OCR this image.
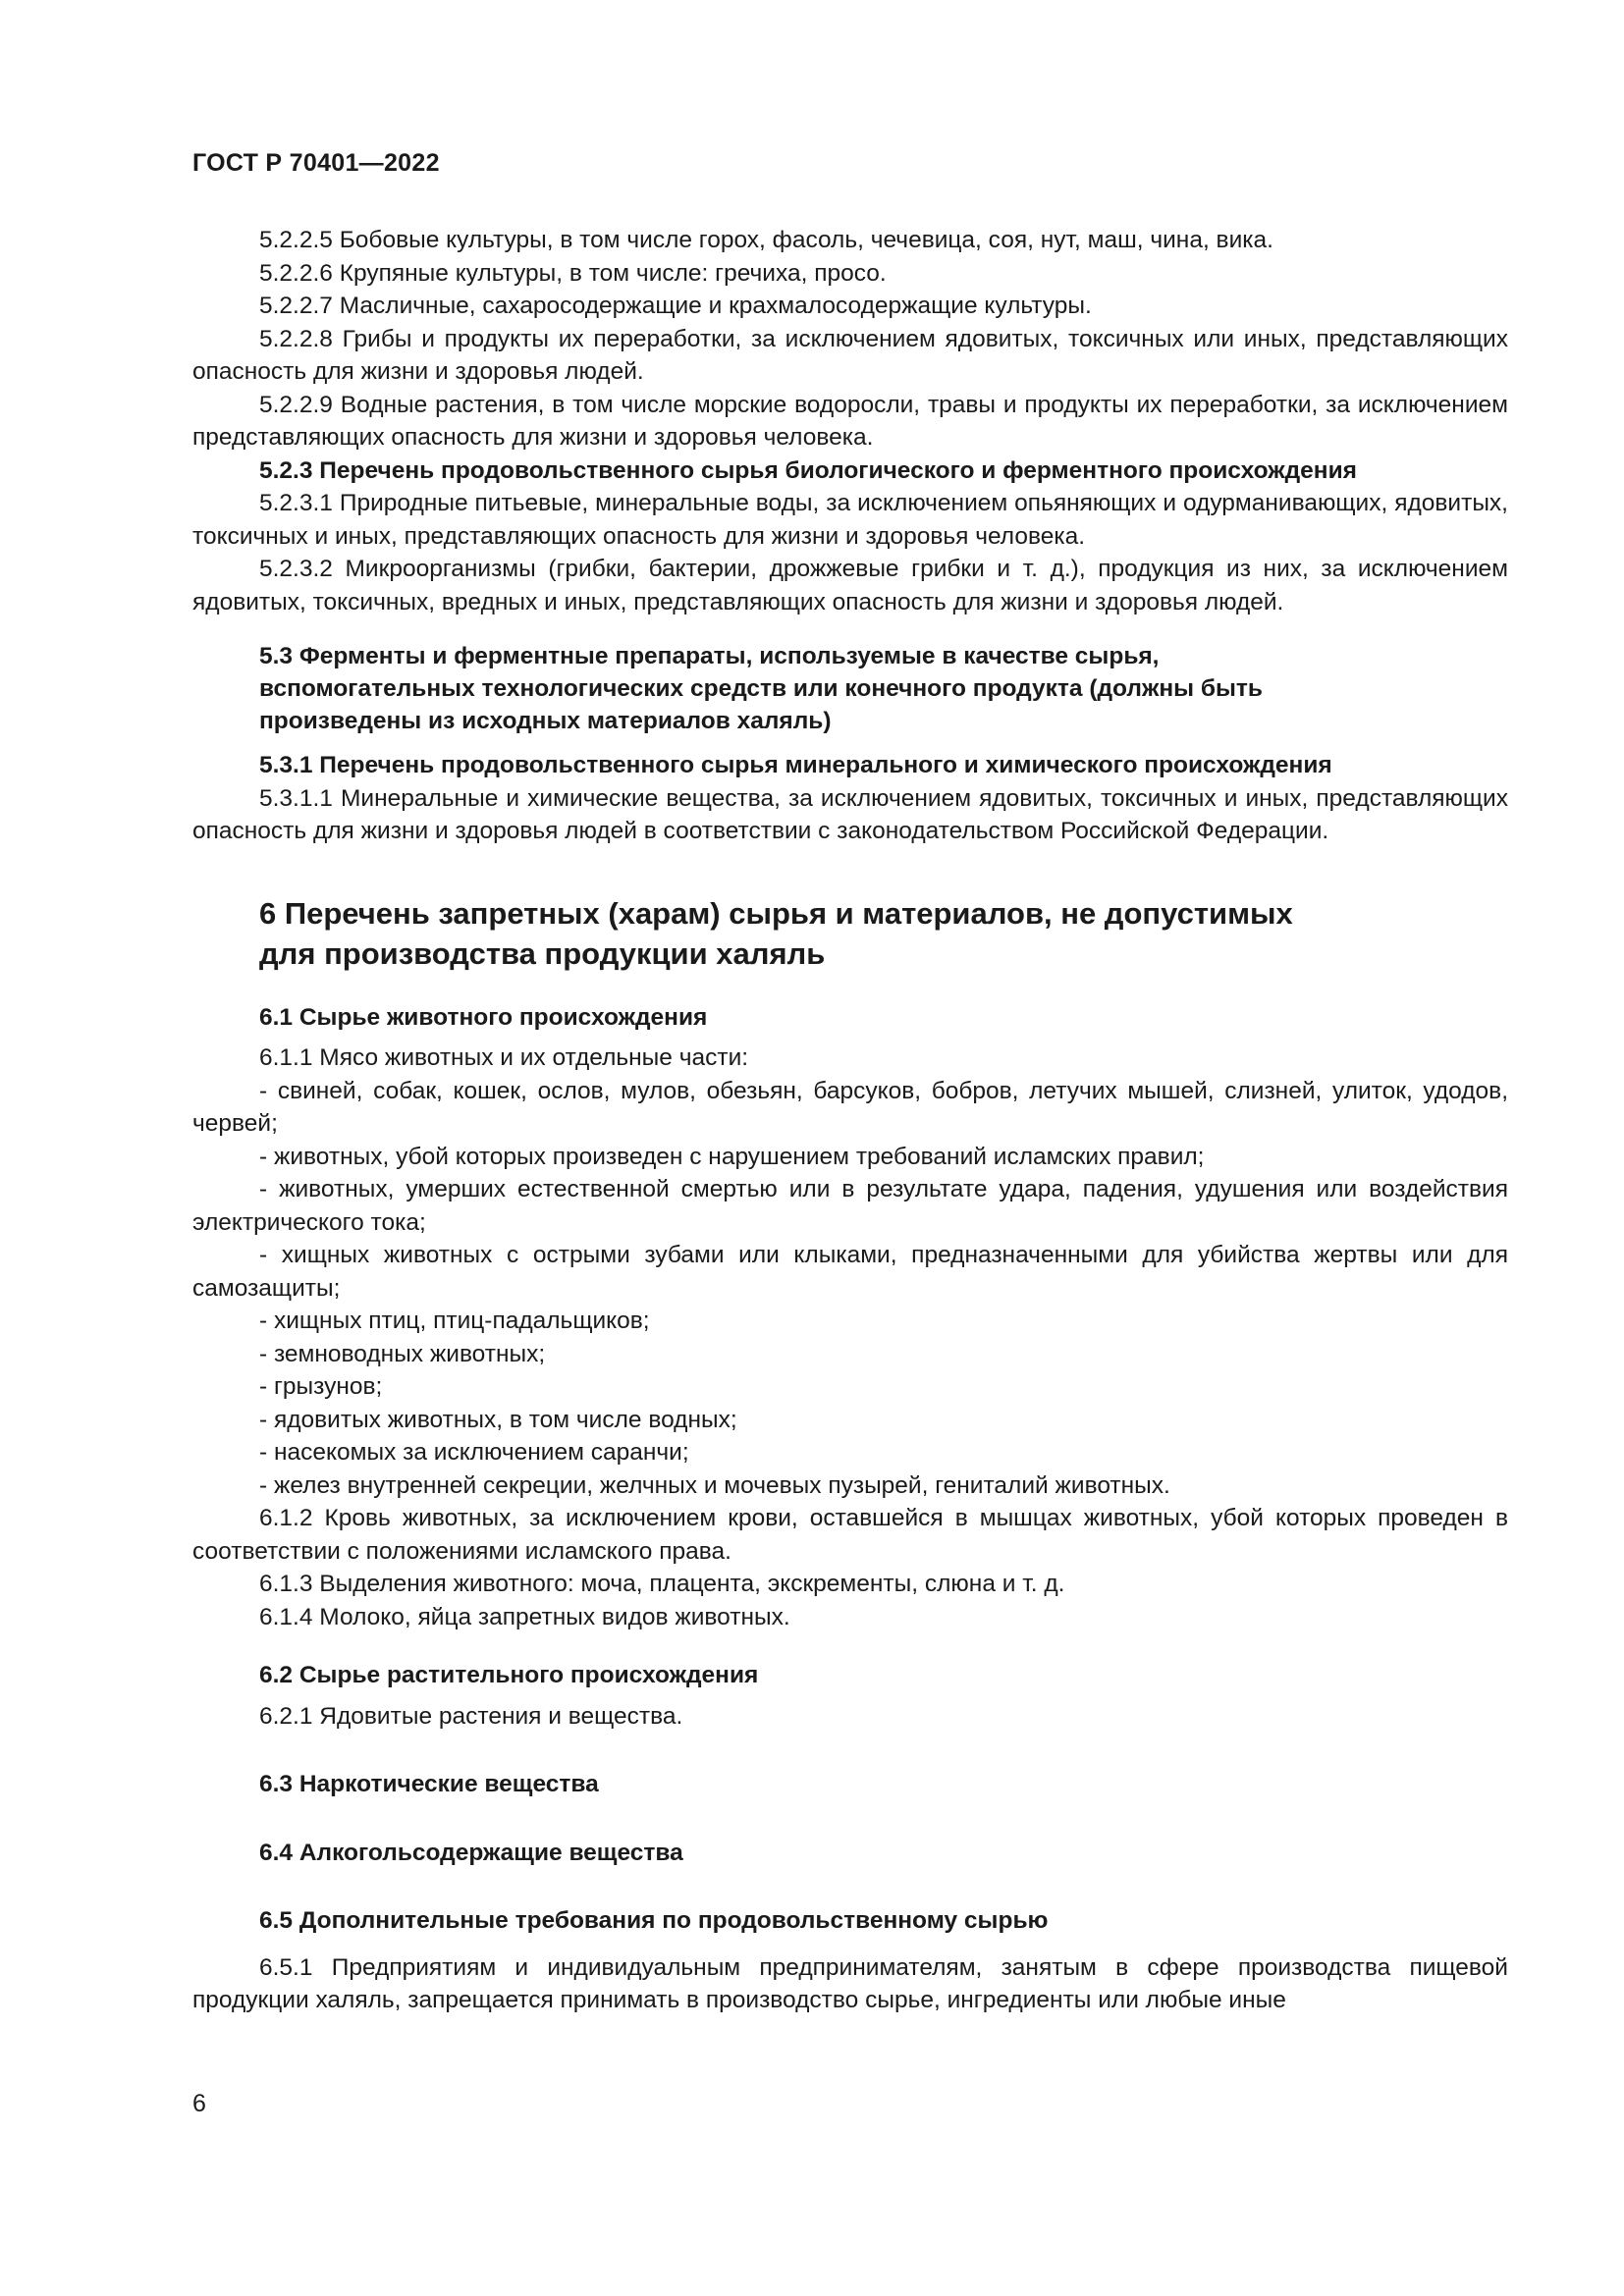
ГОСТ Р 70401—2022
5.2.2.5 Бобовые культуры, в том числе горох, фасоль, чечевица, соя, нут, маш, чина, вика.
5.2.2.6 Крупяные культуры, в том числе: гречиха, просо.
5.2.2.7 Масличные, сахаросодержащие и крахмалосодержащие культуры.
5.2.2.8 Грибы и продукты их переработки, за исключением ядовитых, токсичных или иных, представляющих опасность для жизни и здоровья людей.
5.2.2.9 Водные растения, в том числе морские водоросли, травы и продукты их переработки, за исключением представляющих опасность для жизни и здоровья человека.
5.2.3 Перечень продовольственного сырья биологического и ферментного происхождения
5.2.3.1 Природные питьевые, минеральные воды, за исключением опьяняющих и одурманивающих, ядовитых, токсичных и иных, представляющих опасность для жизни и здоровья человека.
5.2.3.2 Микроорганизмы (грибки, бактерии, дрожжевые грибки и т. д.), продукция из них, за исключением ядовитых, токсичных, вредных и иных, представляющих опасность для жизни и здоровья людей.
5.3 Ферменты и ферментные препараты, используемые в качестве сырья,
вспомогательных технологических средств или конечного продукта (должны быть
произведены из исходных материалов халяль)
5.3.1 Перечень продовольственного сырья минерального и химического происхождения
5.3.1.1 Минеральные и химические вещества, за исключением ядовитых, токсичных и иных, представляющих опасность для жизни и здоровья людей в соответствии с законодательством Российской Федерации.
6 Перечень запретных (харам) сырья и материалов, не допустимых
для производства продукции халяль
6.1 Сырье животного происхождения
6.1.1 Мясо животных и их отдельные части:
- свиней, собак, кошек, ослов, мулов, обезьян, барсуков, бобров, летучих мышей, слизней, улиток, удодов, червей;
- животных, убой которых произведен с нарушением требований исламских правил;
- животных, умерших естественной смертью или в результате удара, падения, удушения или воздействия электрического тока;
- хищных животных с острыми зубами или клыками, предназначенными для убийства жертвы или для самозащиты;
- хищных птиц, птиц-падальщиков;
- земноводных животных;
- грызунов;
- ядовитых животных, в том числе водных;
- насекомых за исключением саранчи;
- желез внутренней секреции, желчных и мочевых пузырей, гениталий животных.
6.1.2 Кровь животных, за исключением крови, оставшейся в мышцах животных, убой которых проведен в соответствии с положениями исламского права.
6.1.3 Выделения животного: моча, плацента, экскременты, слюна и т. д.
6.1.4 Молоко, яйца запретных видов животных.
6.2 Сырье растительного происхождения
6.2.1 Ядовитые растения и вещества.
6.3 Наркотические вещества
6.4 Алкогольсодержащие вещества
6.5 Дополнительные требования по продовольственному сырью
6.5.1 Предприятиям и индивидуальным предпринимателям, занятым в сфере производства пищевой продукции халяль, запрещается принимать в производство сырье, ингредиенты или любые иные
6
